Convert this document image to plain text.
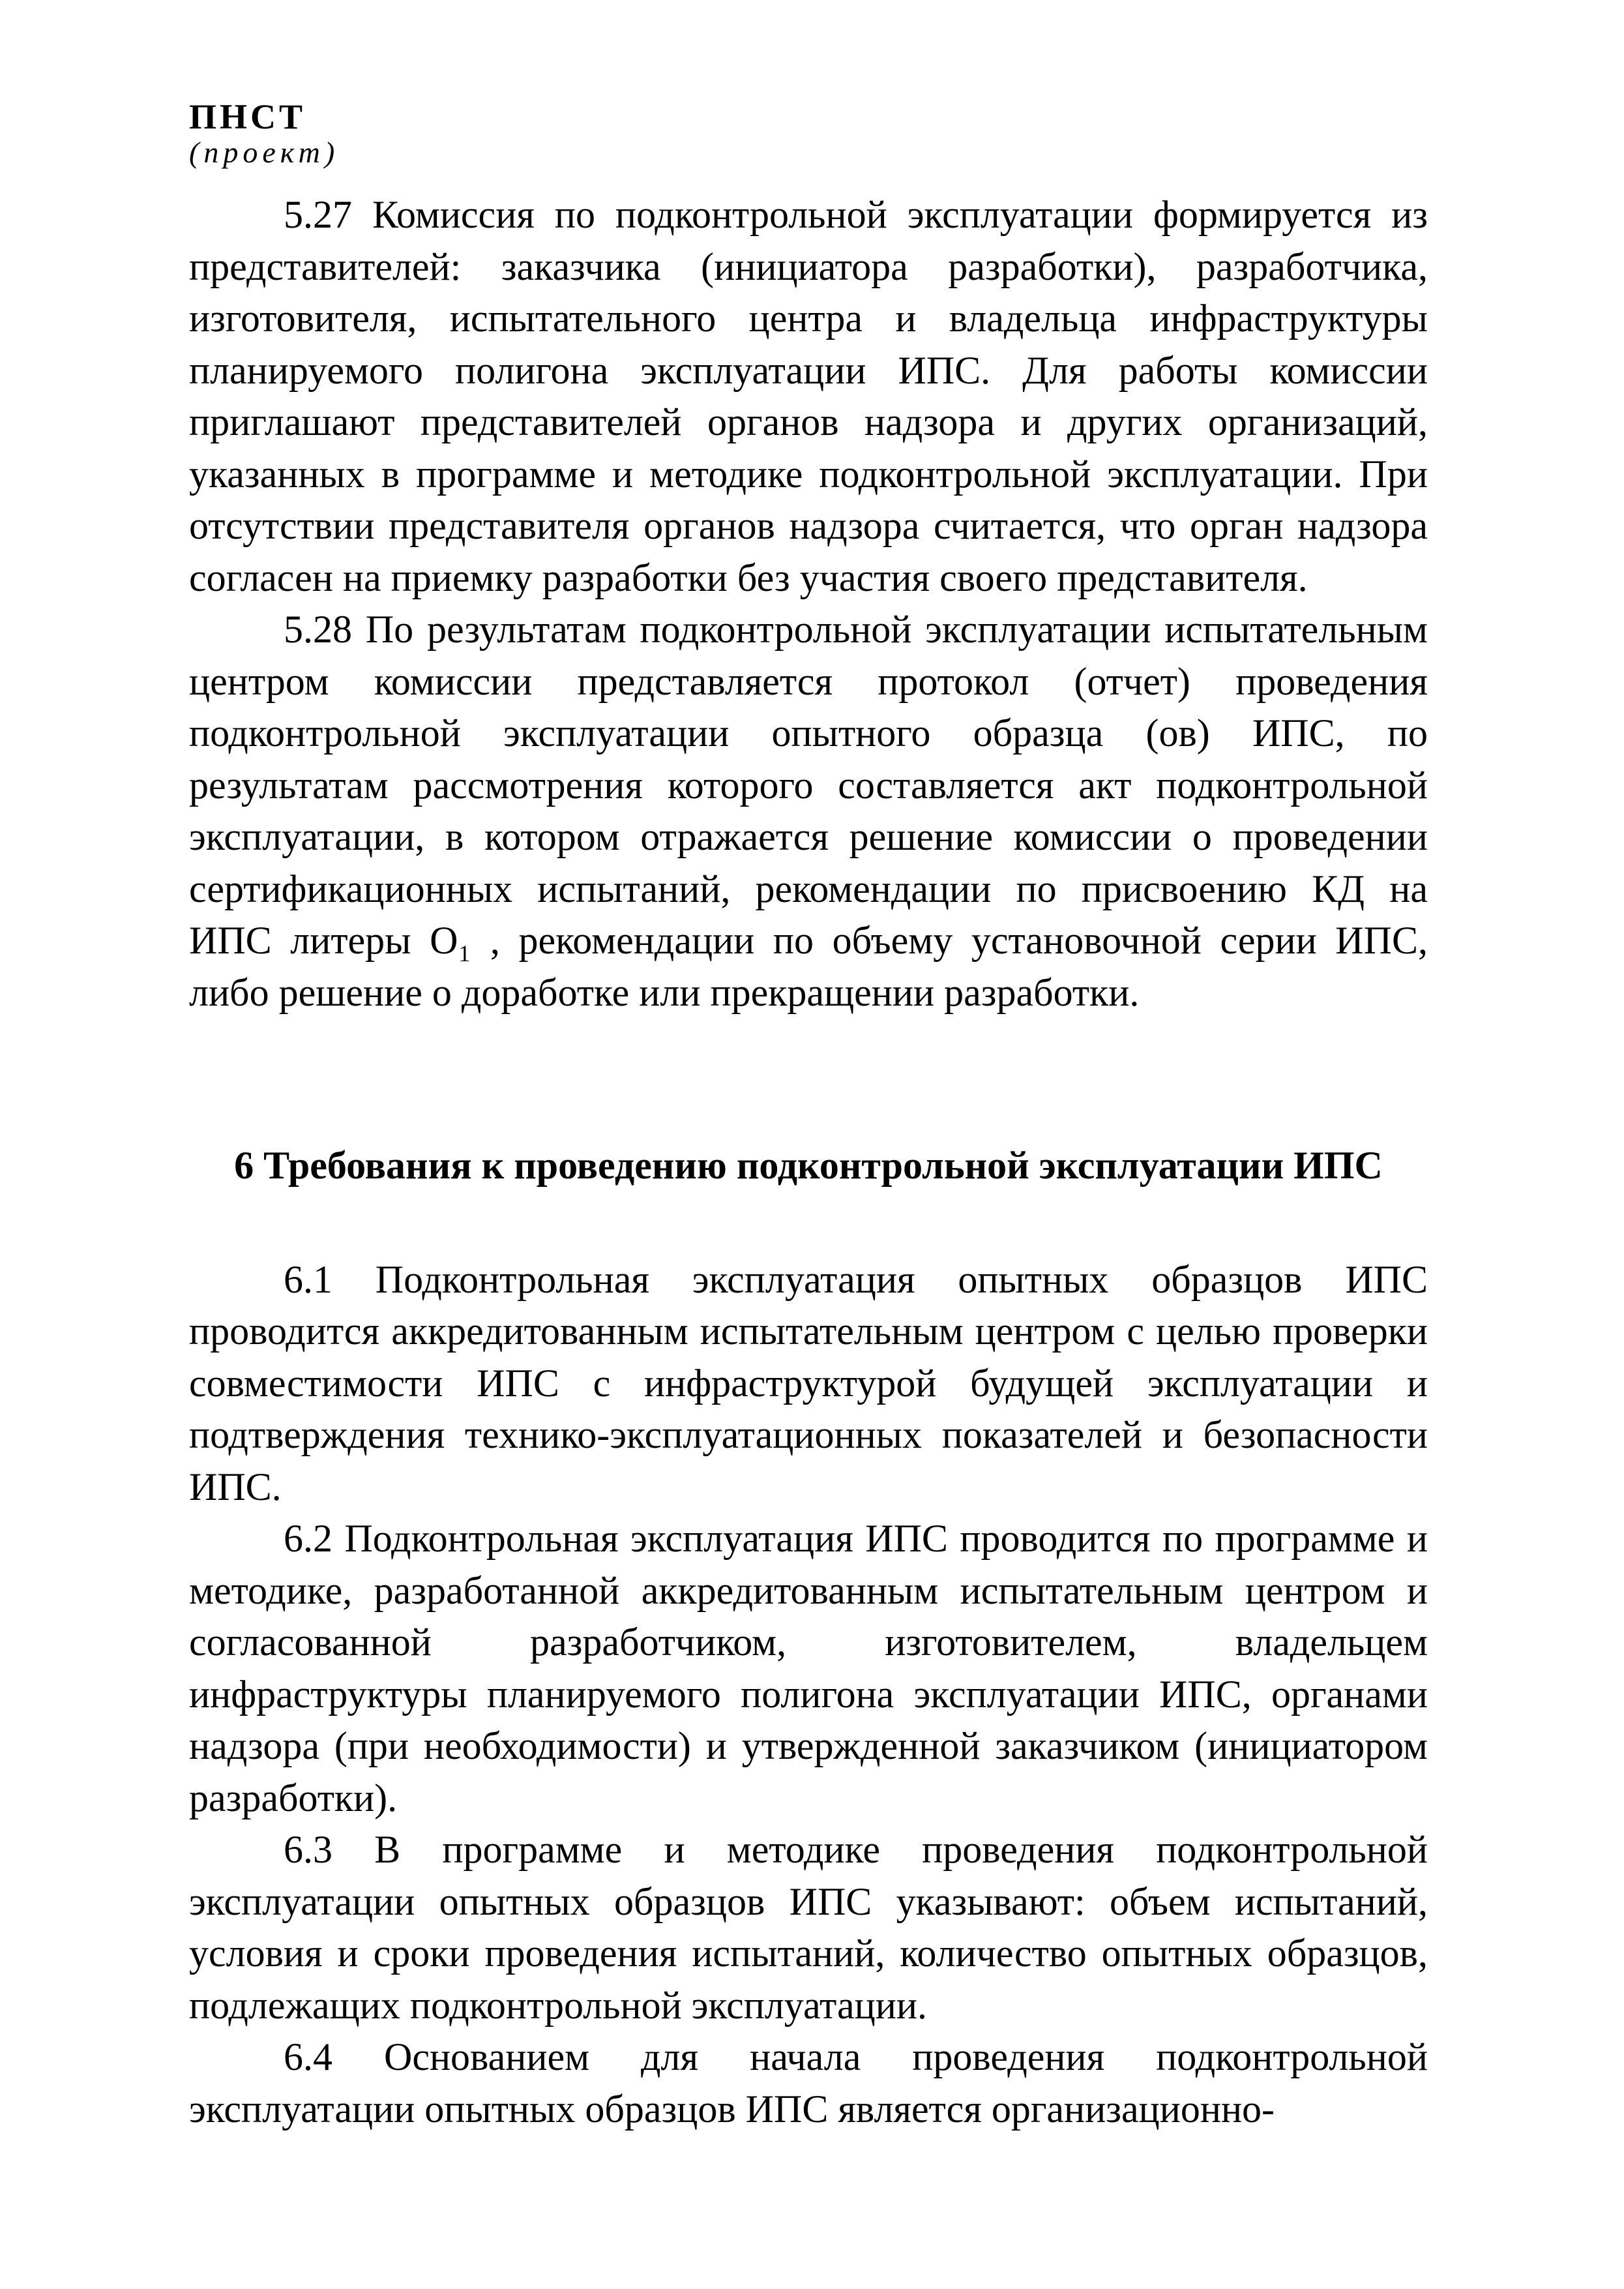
ПНСТ
(проект)

5.27 Комиссия по подконтрольной эксплуатации формируется из представителей: заказчика (инициатора разработки), разработчика, изготовителя, испытательного центра и владельца инфраструктуры планируемого полигона эксплуатации ИПС. Для работы комиссии приглашают представителей органов надзора и других организаций, указанных в программе и методике подконтрольной эксплуатации. При отсутствии представителя органов надзора считается, что орган надзора согласен на приемку разработки без участия своего представителя.

5.28 По результатам подконтрольной эксплуатации испытательным центром комиссии представляется протокол (отчет) проведения подконтрольной эксплуатации опытного образца (ов) ИПС, по результатам рассмотрения которого составляется акт подконтрольной эксплуатации, в котором отражается решение комиссии о проведении сертификационных испытаний, рекомендации по присвоению КД на ИПС литеры О₁ , рекомендации по объему установочной серии ИПС, либо решение о доработке или прекращении разработки.

6 Требования к проведению подконтрольной эксплуатации ИПС

6.1 Подконтрольная эксплуатация опытных образцов ИПС проводится аккредитованным испытательным центром с целью проверки совместимости ИПС с инфраструктурой будущей эксплуатации и подтверждения технико-эксплуатационных показателей и безопасности ИПС.

6.2 Подконтрольная эксплуатация ИПС проводится по программе и методике, разработанной аккредитованным испытательным центром и согласованной разработчиком, изготовителем, владельцем инфраструктуры планируемого полигона эксплуатации ИПС, органами надзора (при необходимости) и утвержденной заказчиком (инициатором разработки).

6.3 В программе и методике проведения подконтрольной эксплуатации опытных образцов ИПС указывают: объем испытаний, условия и сроки проведения испытаний, количество опытных образцов, подлежащих подконтрольной эксплуатации.

6.4 Основанием для начала проведения подконтрольной эксплуатации опытных образцов ИПС является организационно-
